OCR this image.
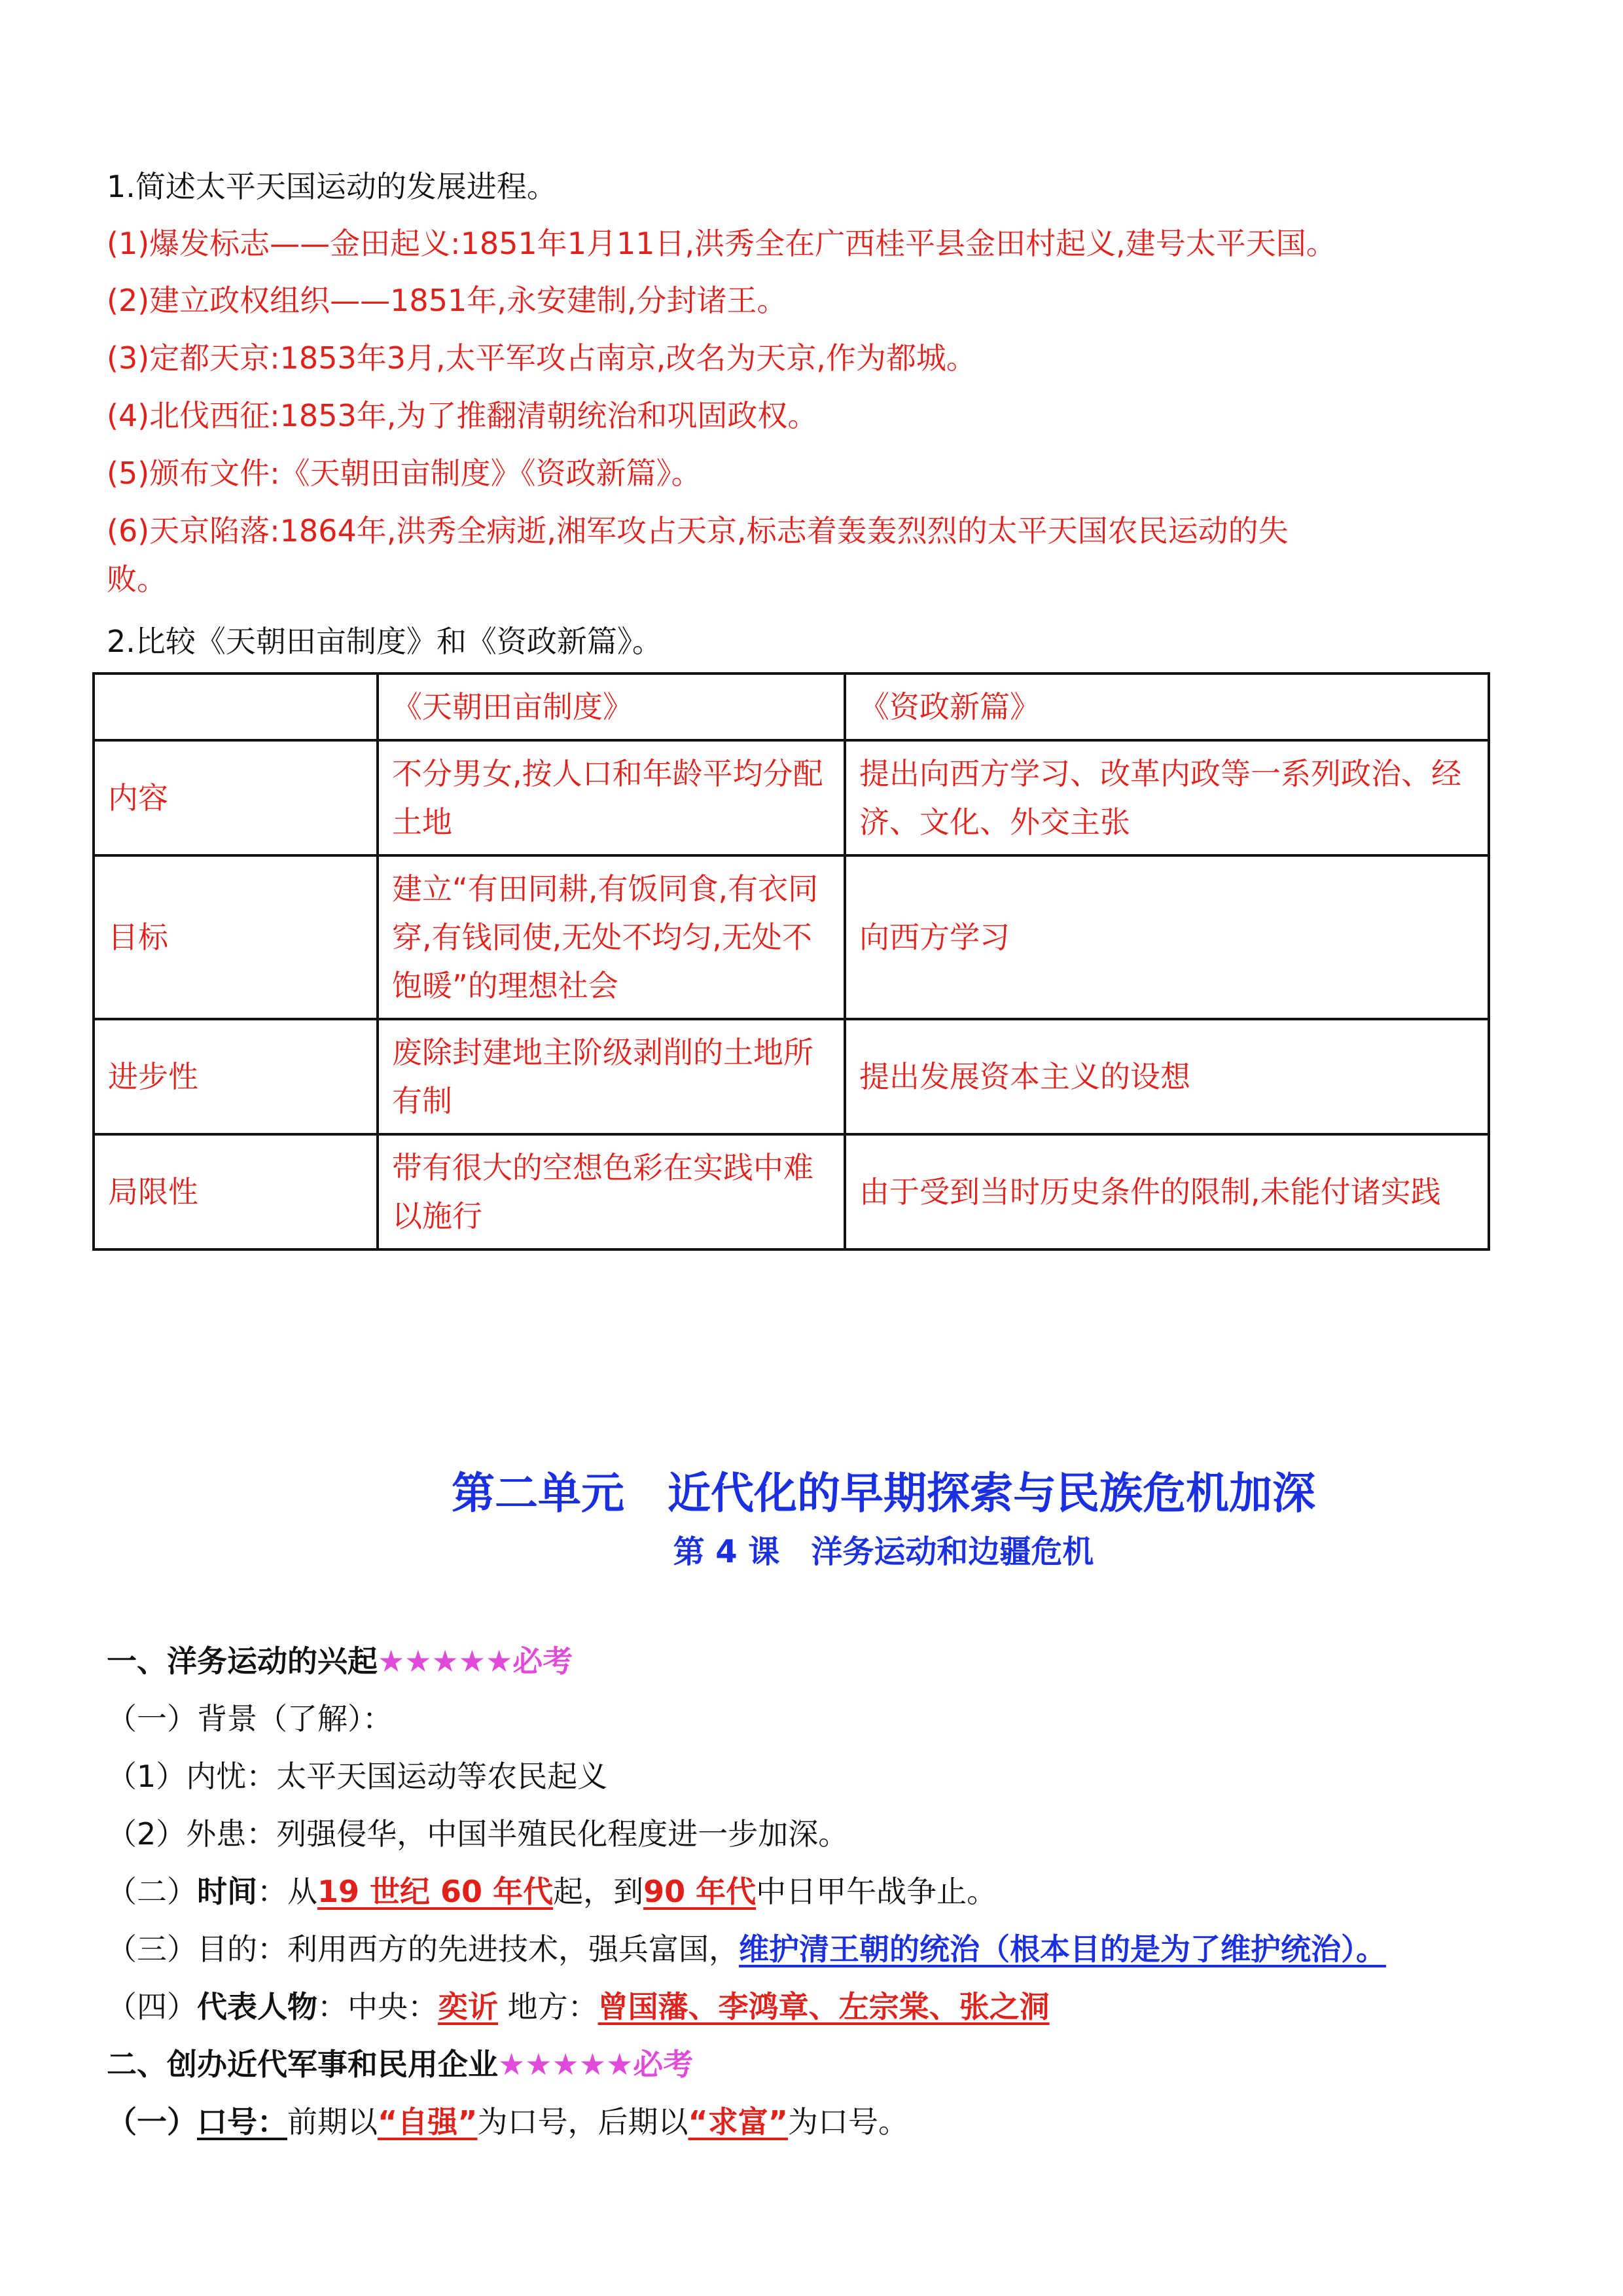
1.简述太平天国运动的发展进程。
(1)爆发标志——金田起义:1851年1月11日,洪秀全在广西桂平县金田村起义,建号太平天国。
(2)建立政权组织——1851年,永安建制,分封诸王。
(3)定都天京:1853年3月,太平军攻占南京,改名为天京,作为都城。
(4)北伐西征:1853年,为了推翻清朝统治和巩固政权。
(5)颁布文件:《天朝田亩制度》《资政新篇》。
(6)天京陷落:1864年,洪秀全病逝,湘军攻占天京,标志着轰轰烈烈的太平天国农民运动的失
败。
2.比较《天朝田亩制度》和《资政新篇》。
	《天朝田亩制度》	《资政新篇》
内容	不分男女,按人口和年龄平均分配土地	提出向西方学习、改革内政等一系列政治、经济、文化、外交主张
目标	建立“有田同耕,有饭同食,有衣同穿,有钱同使,无处不均匀,无处不饱暖”的理想社会	向西方学习
进步性	废除封建地主阶级剥削的土地所有制	提出发展资本主义的设想
局限性	带有很大的空想色彩在实践中难以施行	由于受到当时历史条件的限制,未能付诸实践
第二单元　近代化的早期探索与民族危机加深
第 4 课　洋务运动和边疆危机
一、洋务运动的兴起★★★★★必考
（一）背景（了解）：
（1）内忧：太平天国运动等农民起义
（2）外患：列强侵华，中国半殖民化程度进一步加深。
（二）时间：从19 世纪 60 年代起，到90 年代中日甲午战争止。
（三）目的：利用西方的先进技术，强兵富国，维护清王朝的统治（根本目的是为了维护统治）。
（四）代表人物：中央：奕䜣 地方：曾国藩、李鸿章、左宗棠、张之洞
二、创办近代军事和民用企业★★★★★必考
（一）口号：前期以“自强”为口号，后期以“求富”为口号。
